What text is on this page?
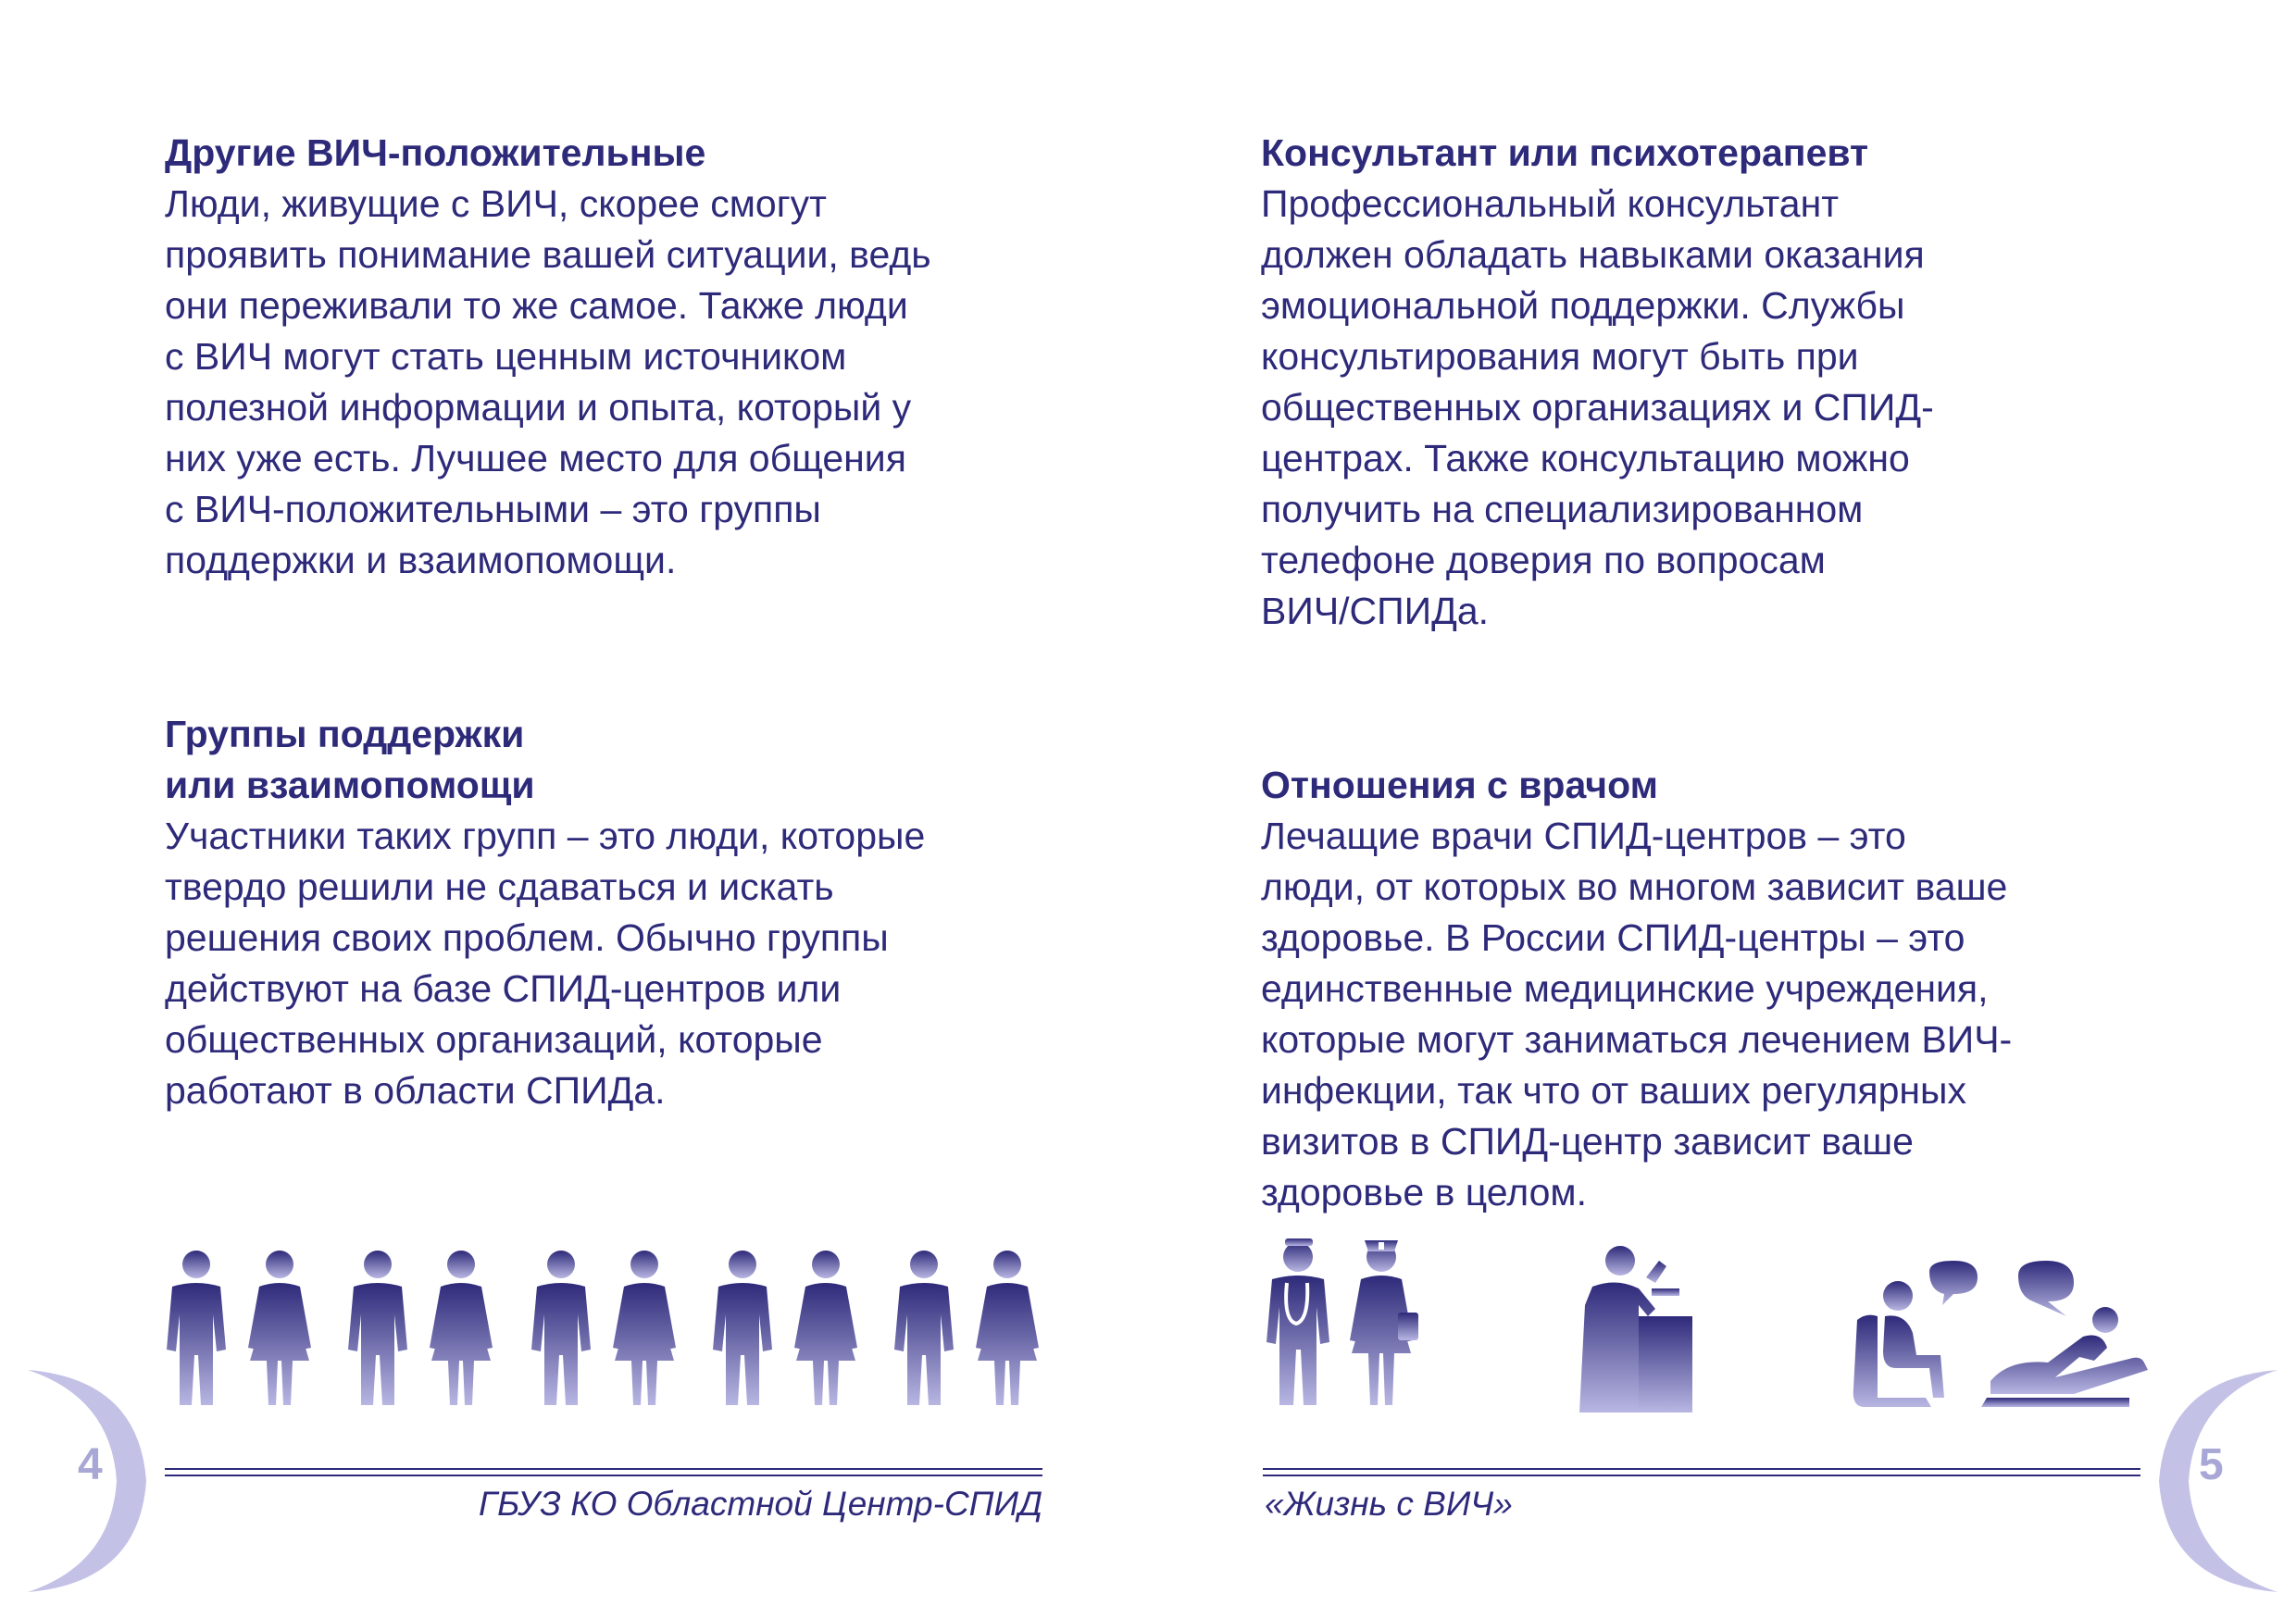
Другие ВИЧ-положительные

Люди, живущие с ВИЧ, скорее смогут
проявить понимание вашей ситуации, ведь
они переживали то же самое. Также люди
с ВИЧ могут стать ценным источником
полезной информации и опыта, который у
них уже есть. Лучшее место для общения
с ВИЧ-положительными – это группы
поддержки и взаимопомощи.

Группы поддержки
или взаимопомощи

Участники таких групп – это люди, которые
твердо решили не сдаваться и искать
решения своих проблем. Обычно группы
действуют на базе СПИД-центров или
общественных организаций, которые
работают в области СПИДа.

Консультант или психотерапевт

Профессиональный консультант
должен обладать навыками оказания
эмоциональной поддержки. Службы
консультирования могут быть при
общественных организациях и СПИД-
центрах. Также консультацию можно
получить на специализированном
телефоне доверия по вопросам
ВИЧ/СПИДа.

Отношения с врачом

Лечащие врачи СПИД-центров – это
люди, от которых во многом зависит ваше
здоровье. В России СПИД-центры – это
единственные медицинские учреждения,
которые могут заниматься лечением ВИЧ-
инфекции, так что от ваших регулярных
визитов в СПИД-центр зависит ваше
здоровье в целом.

ГБУЗ КО Областной Центр-СПИД	«Жизнь с ВИЧ»
4	5
